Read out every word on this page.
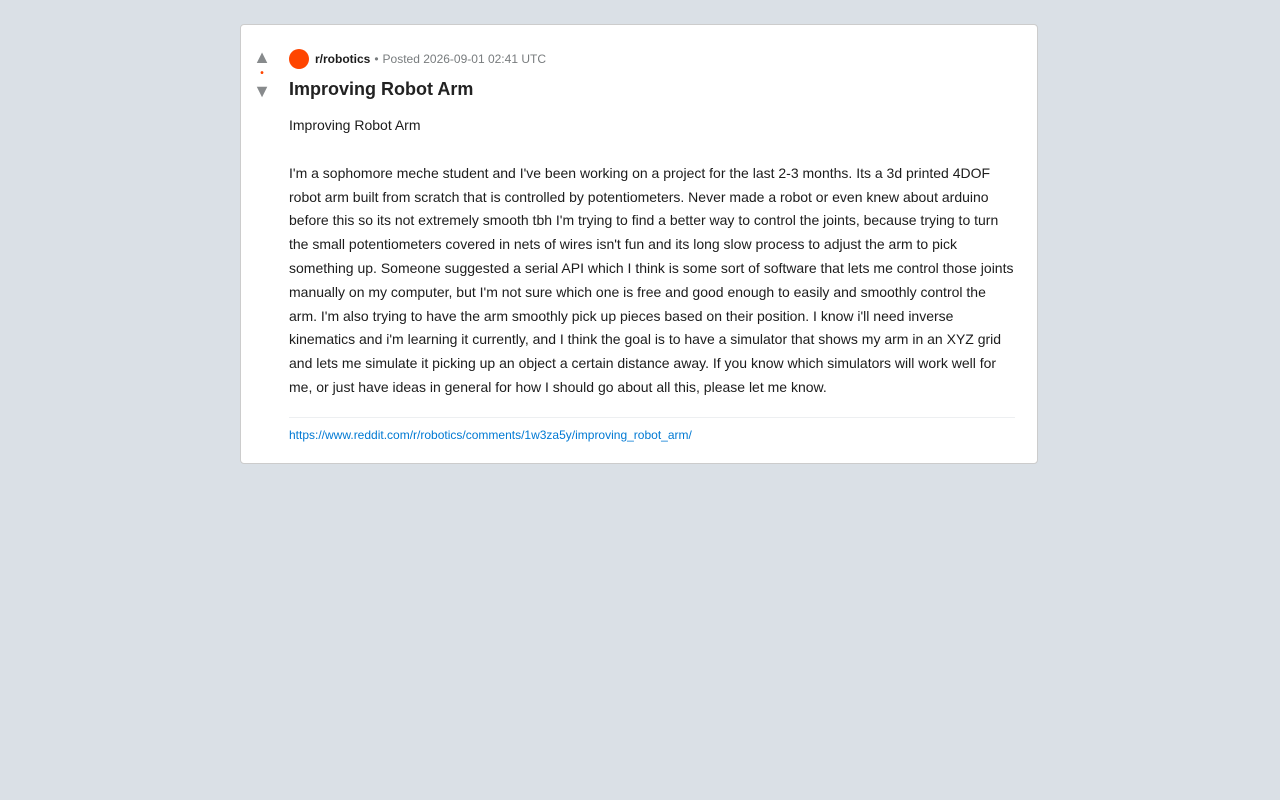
▲
•
▼
r/robotics • Posted 2026-09-01 02:41 UTC
Improving Robot Arm

Improving Robot Arm

I'm a sophomore meche student and I've been working on a project for the last 2-3 months. Its a 3d printed 4DOF robot arm built from scratch that is controlled by potentiometers. Never made a robot or even knew about arduino before this so its not extremely smooth tbh I'm trying to find a better way to control the joints, because trying to turn the small potentiometers covered in nets of wires isn't fun and its long slow process to adjust the arm to pick something up. Someone suggested a serial API which I think is some sort of software that lets me control those joints manually on my computer, but I'm not sure which one is free and good enough to easily and smoothly control the arm. I'm also trying to have the arm smoothly pick up pieces based on their position. I know i'll need inverse kinematics and i'm learning it currently, and I think the goal is to have a simulator that shows my arm in an XYZ grid and lets me simulate it picking up an object a certain distance away. If you know which simulators will work well for me, or just have ideas in general for how I should go about all this, please let me know.

https://www.reddit.com/r/robotics/comments/1w3za5y/improving_robot_arm/
